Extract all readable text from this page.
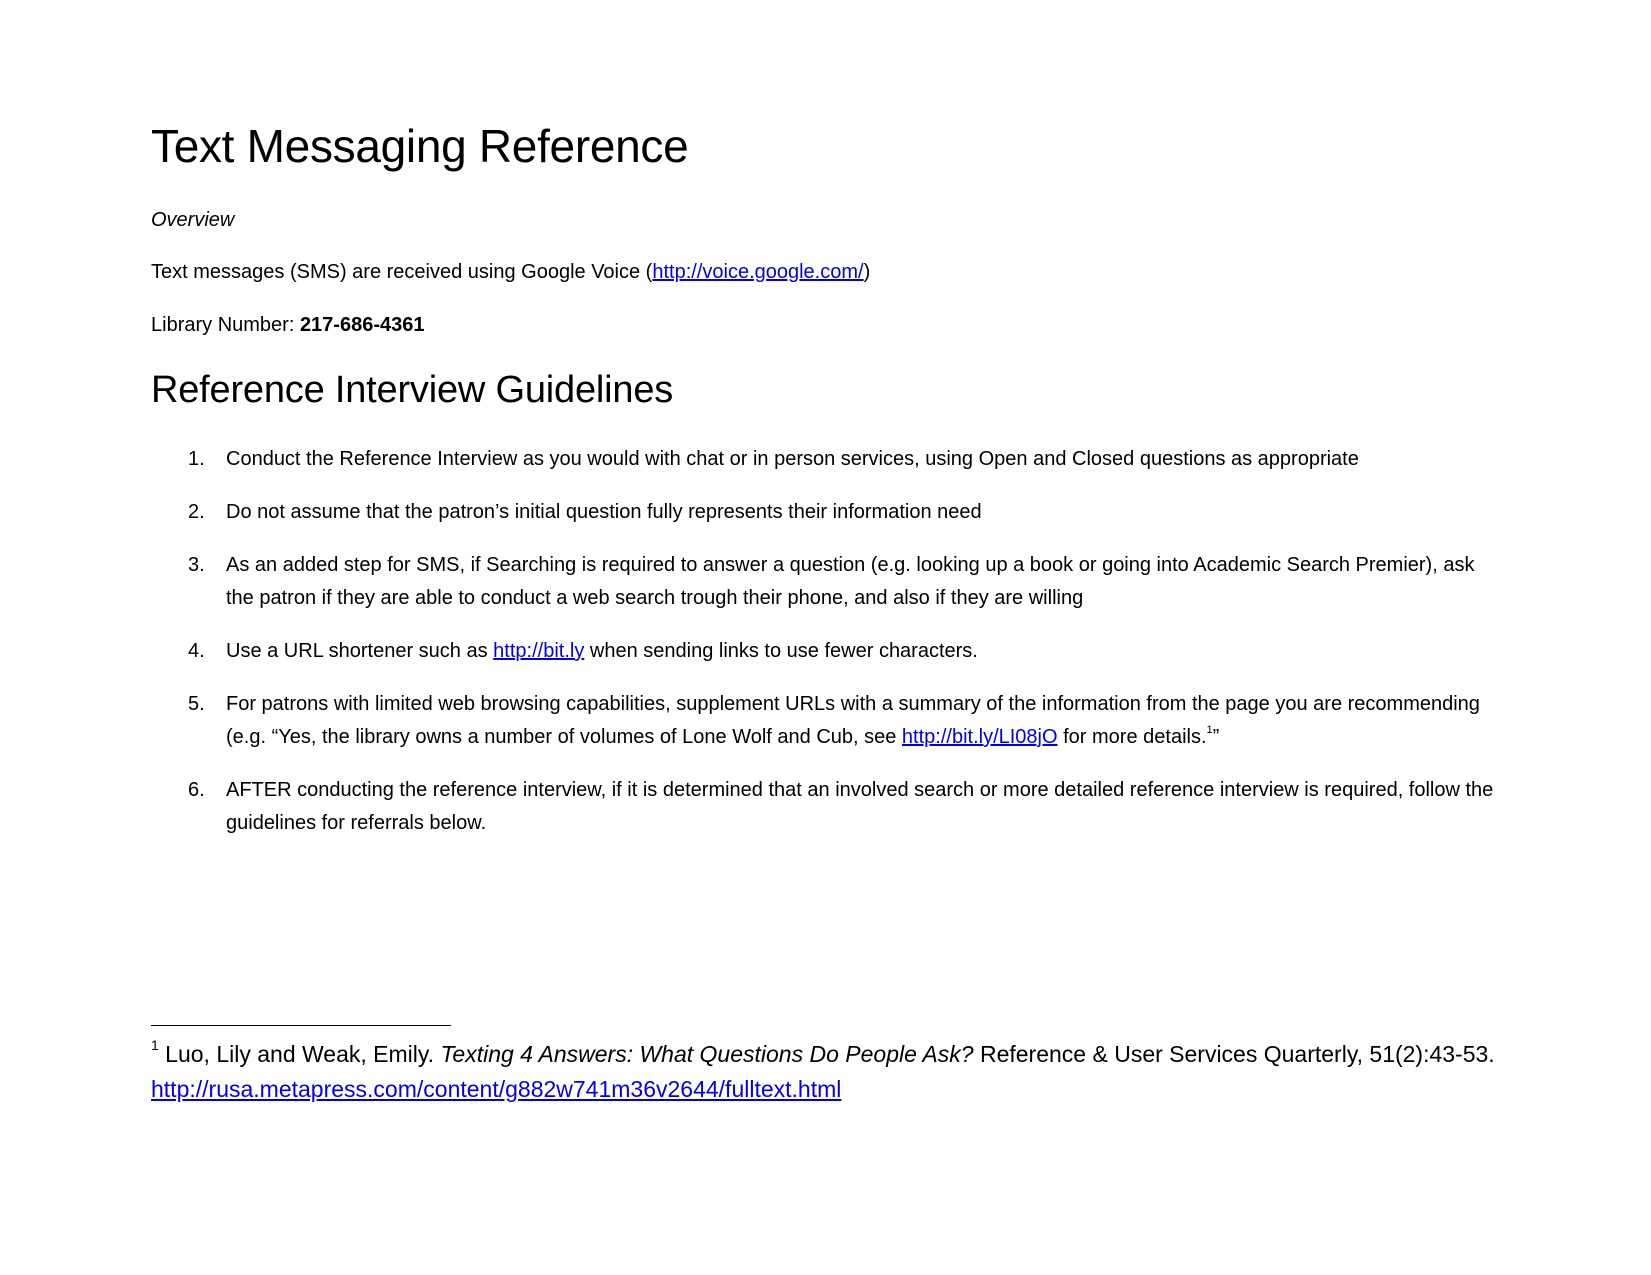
Text Messaging Reference
Overview
Text messages (SMS) are received using Google Voice (http://voice.google.com/)
Library Number: 217-686-4361
Reference Interview Guidelines
1. Conduct the Reference Interview as you would with chat or in person services, using Open and Closed questions as appropriate
2. Do not assume that the patron’s initial question fully represents their information need
3. As an added step for SMS, if Searching is required to answer a question (e.g. looking up a book or going into Academic Search Premier), ask the patron if they are able to conduct a web search trough their phone, and also if they are willing
4. Use a URL shortener such as http://bit.ly when sending links to use fewer characters.
5. For patrons with limited web browsing capabilities, supplement URLs with a summary of the information from the page you are recommending (e.g. “Yes, the library owns a number of volumes of Lone Wolf and Cub, see http://bit.ly/LI08jO for more details.$^1$”
6. AFTER conducting the reference interview, if it is determined that an involved search or more detailed reference interview is required, follow the guidelines for referrals below.
$^1$ Luo, Lily and Weak, Emily. Texting 4 Answers: What Questions Do People Ask? Reference & User Services Quarterly, 51(2):43-53.
http://rusa.metapress.com/content/g882w741m36v2644/fulltext.html
